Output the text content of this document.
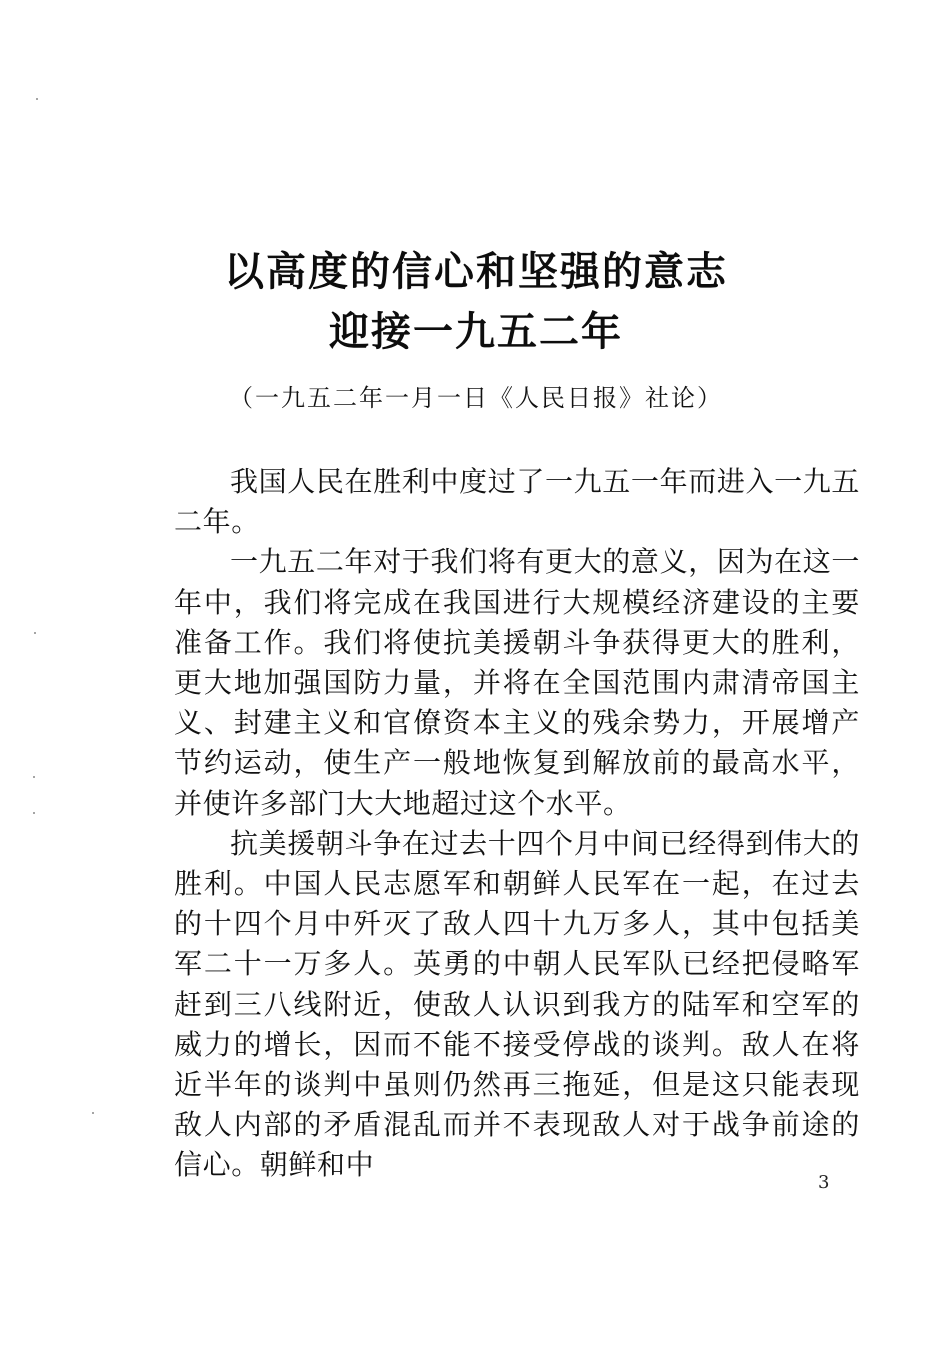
以高度的信心和坚强的意志
迎接一九五二年
（一九五二年一月一日《人民日报》社论）

我国人民在胜利中度过了一九五一年而进入一九五二年。

一九五二年对于我们将有更大的意义，因为在这一年中，我们将完成在我国进行大规模经济建设的主要准备工作。我们将使抗美援朝斗争获得更大的胜利，更大地加强国防力量，并将在全国范围内肃清帝国主义、封建主义和官僚资本主义的残余势力，开展增产节约运动，使生产一般地恢复到解放前的最高水平，并使许多部门大大地超过这个水平。

抗美援朝斗争在过去十四个月中间已经得到伟大的胜利。中国人民志愿军和朝鲜人民军在一起，在过去的十四个月中歼灭了敌人四十九万多人，其中包括美军二十一万多人。英勇的中朝人民军队已经把侵略军赶到三八线附近，使敌人认识到我方的陆军和空军的威力的增长，因而不能不接受停战的谈判。敌人在将近半年的谈判中虽则仍然再三拖延，但是这只能表现敌人内部的矛盾混乱而并不表现敌人对于战争前途的信心。朝鲜和中

3
